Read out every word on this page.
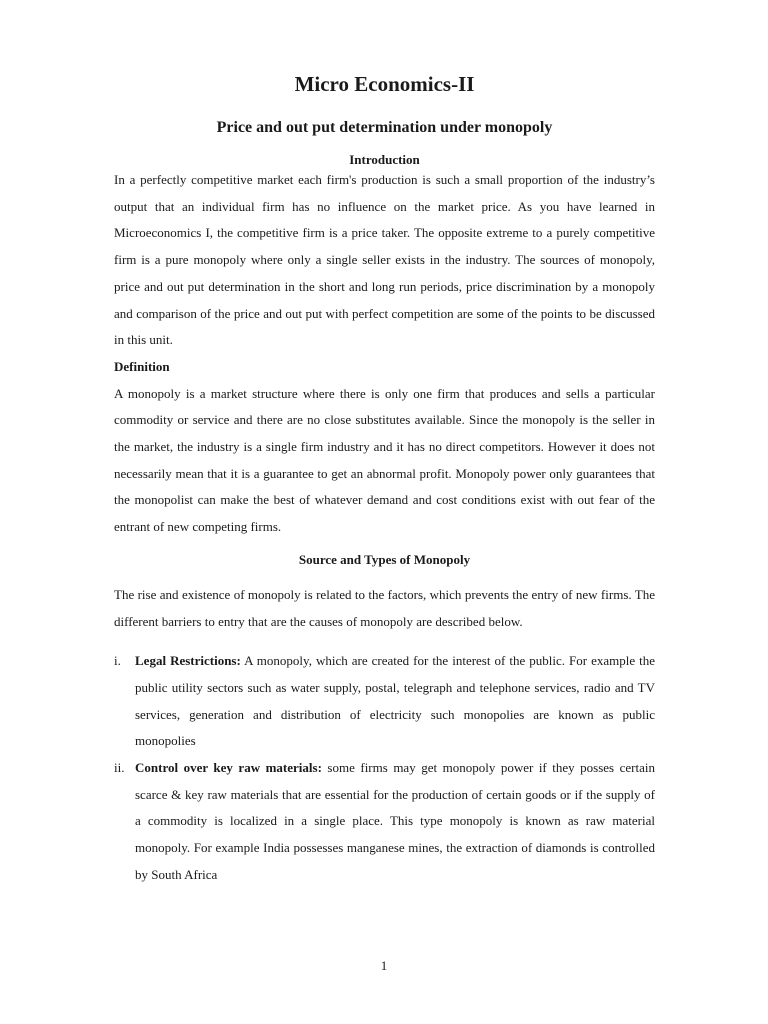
Micro Economics-II
Price and out put determination under monopoly
Introduction

In a perfectly competitive market each firm's production is such a small proportion of the industry’s output that an individual firm has no influence on the market price. As you have learned in Microeconomics I, the competitive firm is a price taker. The opposite extreme to a purely competitive firm is a pure monopoly where only a single seller exists in the industry. The sources of monopoly, price and out put determination in the short and long run periods, price discrimination by a monopoly and comparison of the price and out put with perfect competition are some of the points to be discussed in this unit.

Definition

A monopoly is a market structure where there is only one firm that produces and sells a particular commodity or service and there are no close substitutes available. Since the monopoly is the seller in the market, the industry is a single firm industry and it has no direct competitors. However it does not necessarily mean that it is a guarantee to get an abnormal profit. Monopoly power only guarantees that the monopolist can make the best of whatever demand and cost conditions exist with out fear of the entrant of new competing firms.

Source and Types of Monopoly

The rise and existence of monopoly is related to the factors, which prevents the entry of new firms. The different barriers to entry that are the causes of monopoly are described below.

i. Legal Restrictions: A monopoly, which are created for the interest of the public. For example the public utility sectors such as water supply, postal, telegraph and telephone services, radio and TV services, generation and distribution of electricity such monopolies are known as public monopolies
ii. Control over key raw materials: some firms may get monopoly power if they posses certain scarce & key raw materials that are essential for the production of certain goods or if the supply of a commodity is localized in a single place. This type monopoly is known as raw material monopoly. For example India possesses manganese mines, the extraction of diamonds is controlled by South Africa
1
